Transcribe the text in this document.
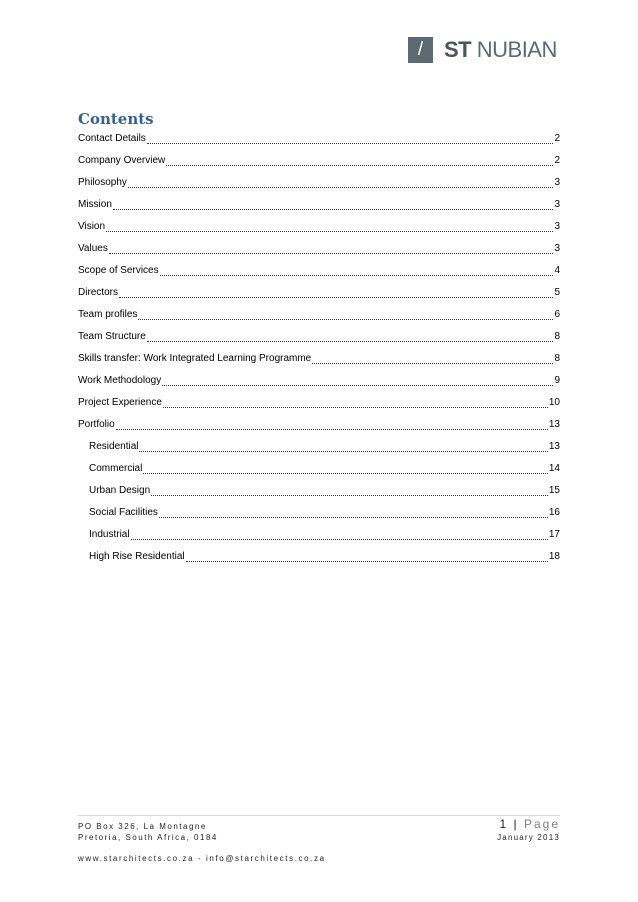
/ ST NUBIAN
Contents
Contact Details	2
Company Overview	2
Philosophy	3
Mission	3
Vision	3
Values	3
Scope of Services	4
Directors	5
Team profiles	6
Team Structure	8
Skills transfer: Work Integrated Learning Programme	8
Work Methodology	9
Project Experience	10
Portfolio	13
Residential	13
Commercial	14
Urban Design	15
Social Facilities	16
Industrial	17
High Rise Residential	18
PO Box 326, La Montagne
Pretoria, South Africa, 0184
1 | Page
January 2013
www.starchitects.co.za - info@starchitects.co.za
